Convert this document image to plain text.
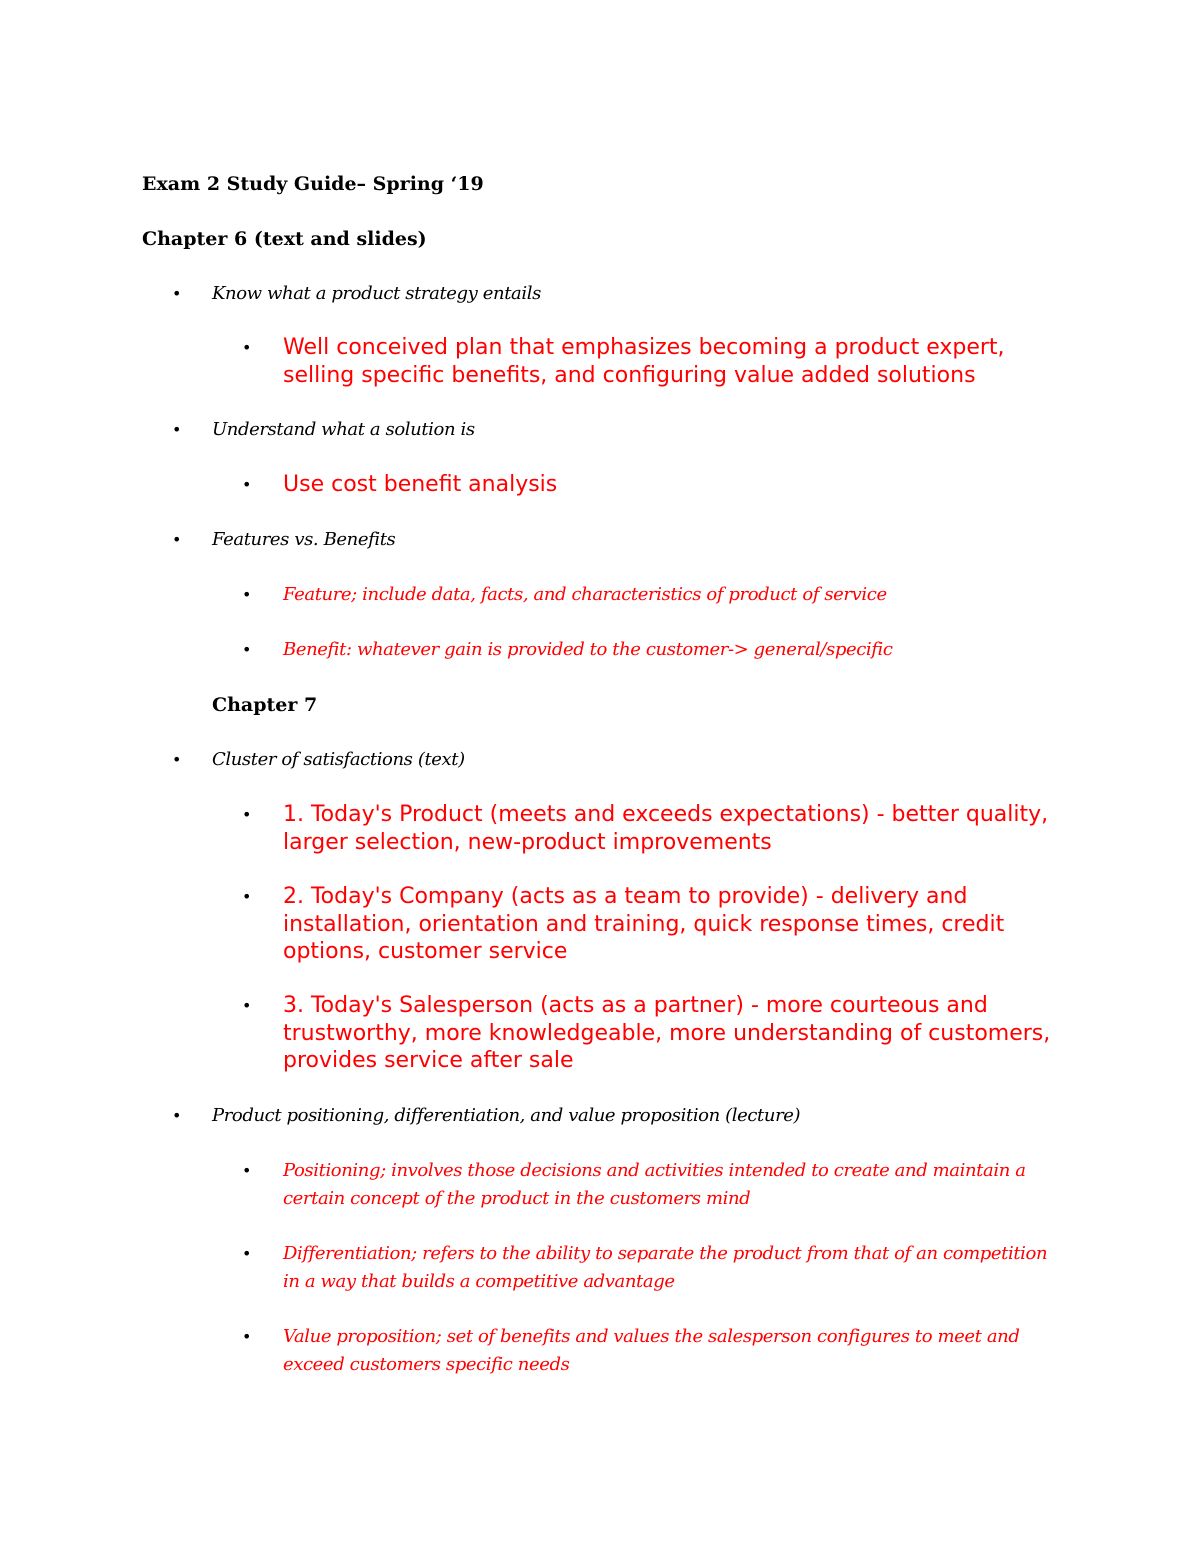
Exam 2 Study Guide– Spring ‘19

Chapter 6 (text and slides)

•	Know what a product strategy entails
•	Well conceived plan that emphasizes becoming a product expert, selling specific benefits, and configuring value added solutions
•	Understand what a solution is
•	Use cost benefit analysis
•	Features vs. Benefits
•	Feature; include data, facts, and characteristics of product of service
•	Benefit: whatever gain is provided to the customer-> general/specific

Chapter 7

•	Cluster of satisfactions (text)
•	1. Today's Product (meets and exceeds expectations) - better quality, larger selection, new-product improvements
•	2. Today's Company (acts as a team to provide) - delivery and installation, orientation and training, quick response times, credit options, customer service
•	3. Today's Salesperson (acts as a partner) - more courteous and trustworthy, more knowledgeable, more understanding of customers, provides service after sale
•	Product positioning, differentiation, and value proposition (lecture)
•	Positioning; involves those decisions and activities intended to create and maintain a certain concept of the product in the customers mind
•	Differentiation; refers to the ability to separate the product from that of an competition in a way that builds a competitive advantage
•	Value proposition; set of benefits and values the salesperson configures to meet and exceed customers specific needs
